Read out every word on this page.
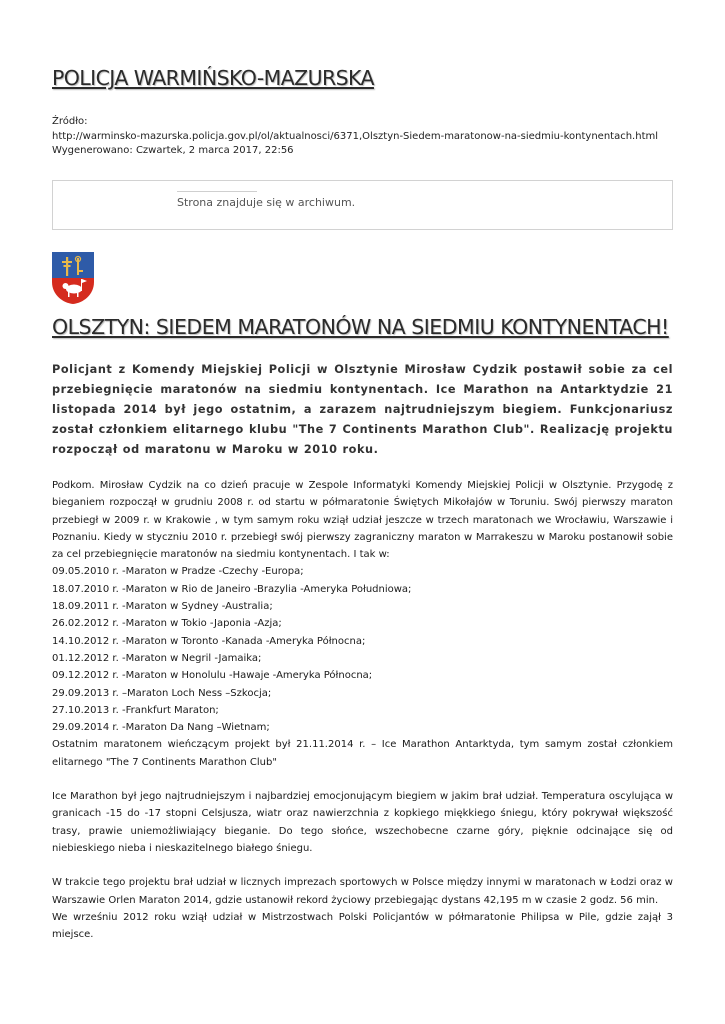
POLICJA WARMIŃSKO-MAZURSKA
Źródło:
http://warminsko-mazurska.policja.gov.pl/ol/aktualnosci/6371,Olsztyn-Siedem-maratonow-na-siedmiu-kontynentach.html
Wygenerowano: Czwartek, 2 marca 2017, 22:56
Strona znajduje się w archiwum.
OLSZTYN: SIEDEM MARATONÓW NA SIEDMIU KONTYNENTACH!
Policjant z Komendy Miejskiej Policji w Olsztynie Mirosław Cydzik postawił sobie za cel przebiegnięcie maratonów na siedmiu kontynentach. Ice Marathon na Antarktydzie 21 listopada 2014 był jego ostatnim, a zarazem najtrudniejszym biegiem. Funkcjonariusz został członkiem elitarnego klubu "The 7 Continents Marathon Club". Realizację projektu rozpoczął od maratonu w Maroku w 2010 roku.
Podkom. Mirosław Cydzik na co dzień pracuje w Zespole Informatyki Komendy Miejskiej Policji w Olsztynie. Przygodę z bieganiem rozpoczął w grudniu 2008 r. od startu w półmaratonie Świętych Mikołajów w Toruniu. Swój pierwszy maraton przebiegł w 2009 r. w Krakowie , w tym samym roku wziął udział jeszcze w trzech maratonach we Wrocławiu, Warszawie i Poznaniu. Kiedy w styczniu 2010 r. przebiegł swój pierwszy zagraniczny maraton w Marrakeszu w Maroku postanowił sobie za cel przebiegnięcie maratonów na siedmiu kontynentach. I tak w:
09.05.2010 r. -Maraton w Pradze -Czechy -Europa;
18.07.2010 r. -Maraton w Rio de Janeiro -Brazylia -Ameryka Południowa;
18.09.2011 r. -Maraton w Sydney -Australia;
26.02.2012 r. -Maraton w Tokio -Japonia -Azja;
14.10.2012 r. -Maraton w Toronto -Kanada -Ameryka Północna;
01.12.2012 r. -Maraton w Negril -Jamaika;
09.12.2012 r. -Maraton w Honolulu -Hawaje -Ameryka Północna;
29.09.2013 r. –Maraton Loch Ness –Szkocja;
27.10.2013 r. -Frankfurt Maraton;
29.09.2014 r. -Maraton Da Nang –Wietnam;
Ostatnim maratonem wieńczącym projekt był 21.11.2014 r. – Ice Marathon Antarktyda, tym samym został członkiem elitarnego "The 7 Continents Marathon Club"
Ice Marathon był jego najtrudniejszym i najbardziej emocjonującym biegiem w jakim brał udział. Temperatura oscylująca w granicach -15 do -17 stopni Celsjusza, wiatr oraz nawierzchnia z kopkiego miękkiego śniegu, który pokrywał większość trasy, prawie uniemożliwiający bieganie. Do tego słońce, wszechobecne czarne góry, pięknie odcinające się od niebieskiego nieba i nieskazitelnego białego śniegu.
W trakcie tego projektu brał udział w licznych imprezach sportowych w Polsce między innymi w maratonach w Łodzi oraz w Warszawie Orlen Maraton 2014, gdzie ustanowił rekord życiowy przebiegając dystans 42,195 m w czasie 2 godz. 56 min.
We wrześniu 2012 roku wziął udział w Mistrzostwach Polski Policjantów w półmaratonie Philipsa w Pile, gdzie zajął 3 miejsce.
